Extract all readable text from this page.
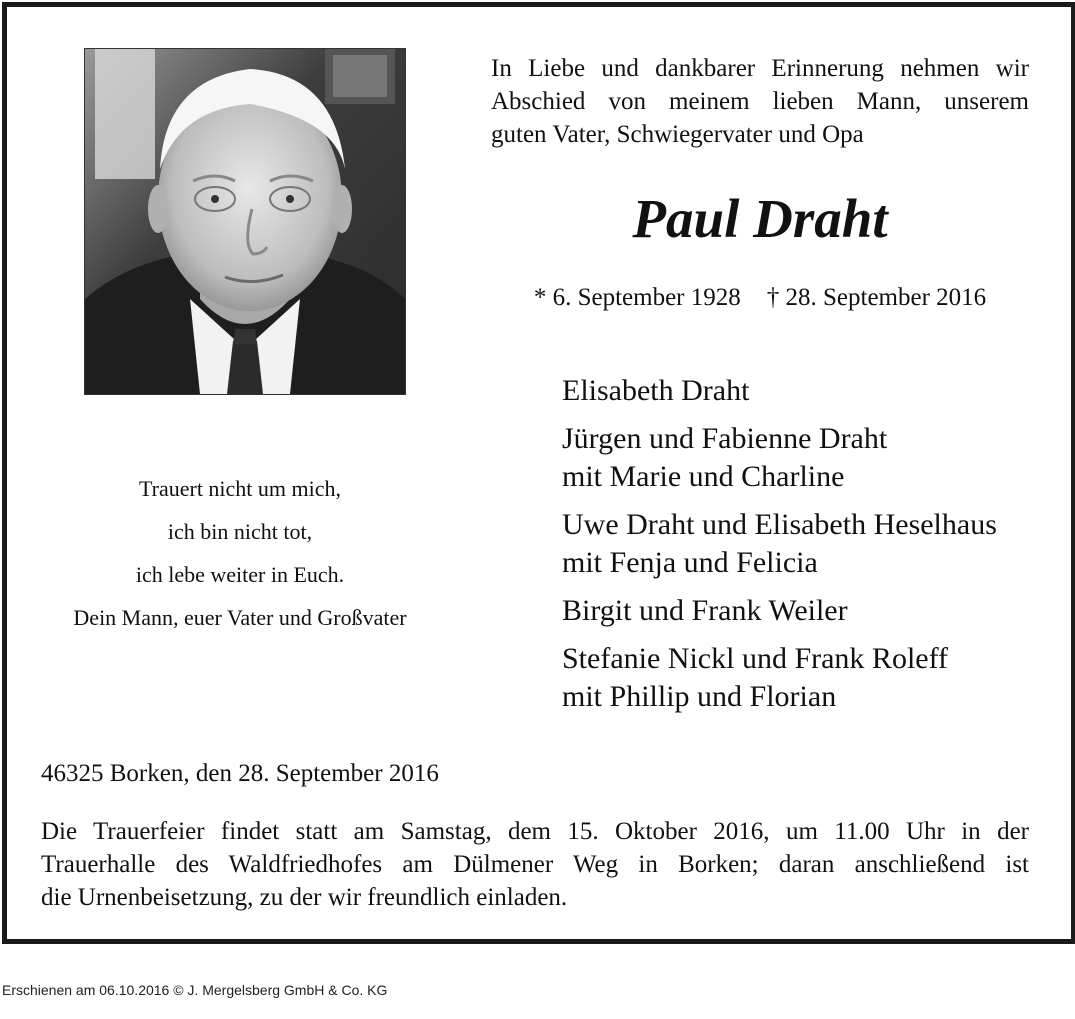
In Liebe und dankbarer Erinnerung nehmen wir
Abschied von meinem lieben Mann, unserem
guten Vater, Schwiegervater und Opa
Paul Draht
* 6. September 1928 † 28. September 2016
Elisabeth Draht
Jürgen und Fabienne Draht
mit Marie und Charline
Uwe Draht und Elisabeth Heselhaus
mit Fenja und Felicia
Birgit und Frank Weiler
Stefanie Nickl und Frank Roleff
mit Phillip und Florian
Trauert nicht um mich,
ich bin nicht tot,
ich lebe weiter in Euch.
Dein Mann, euer Vater und Großvater
46325 Borken, den 28. September 2016
Die Trauerfeier findet statt am Samstag, dem 15. Oktober 2016, um 11.00 Uhr in der
Trauerhalle des Waldfriedhofes am Dülmener Weg in Borken; daran anschließend ist
die Urnenbeisetzung, zu der wir freundlich einladen.
Erschienen am 06.10.2016 © J. Mergelsberg GmbH & Co. KG
